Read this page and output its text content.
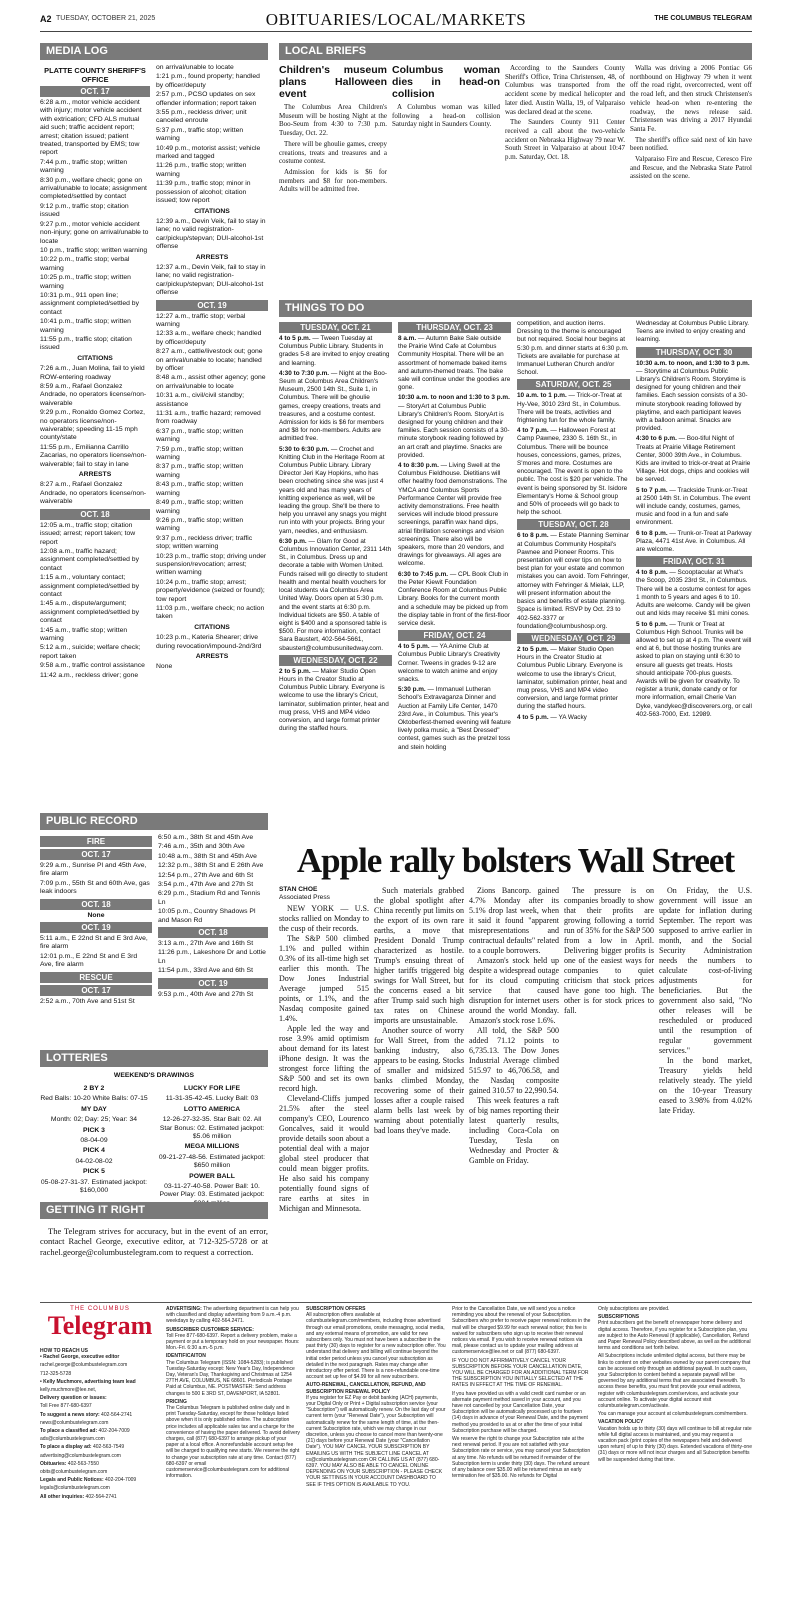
A2 TUESDAY, OCTOBER 21, 2025	OBITUARIES/LOCAL/MARKETS	THE COLUMBUS TELEGRAM
MEDIA LOG
PLATTE COUNTY SHERIFF'S OFFICE
OCT. 17

6:28 a.m., motor vehicle accident with injury; motor vehicle accident with extrication; CFD ALS mutual aid such; traffic accident report; arrest; citation issued; patient treated, transported by EMS; tow report

7:44 p.m., traffic stop; written warning

8:30 p.m., welfare check; gone on arrival/unable to locate; assignment completed/settled by contact

9:12 p.m., traffic stop; citation issued

9:27 p.m., motor vehicle accident non-injury; gone on arrival/unable to locate

10 p.m., traffic stop; written warning

10:22 p.m., traffic stop; verbal warning

10:25 p.m., traffic stop; written warning

10:31 p.m., 911 open line; assignment completed/settled by contact

10:41 p.m., traffic stop; written warning

11:55 p.m., traffic stop; citation issued

CITATIONS

7:26 a.m., Juan Molina, fail to yield ROW-entering roadway

8:59 a.m., Rafael Gonzalez Andrade, no operators license/non-waiverable

9:29 p.m., Ronaldo Gomez Cortez, no operators license/non-waiverable; speeding 11-15 mph county/state

11:55 p.m., Emilianna Carrillo Zacarias, no operators license/non-waiverable; fail to stay in lane

ARRESTS

8:27 a.m., Rafael Gonzalez Andrade, no operators license/non-waiverable

OCT. 18

12:05 a.m., traffic stop; citation issued; arrest; report taken; tow report

12:08 a.m., traffic hazard; assignment completed/settled by contact

1:15 a.m., voluntary contact; assignment completed/settled by contact

1:45 a.m., dispute/argument; assignment completed/settled by contact

1:45 a.m., traffic stop; written warning

5:12 a.m., suicide; welfare check; report taken

9:58 a.m., traffic control assistance

11:42 a.m., reckless driver; gone

on arrival/unable to locate

1:21 p.m., found property; handled by officer/deputy

2:57 p.m., PCSO updates on sex offender information; report taken

3:55 p.m., reckless driver; unit canceled enroute

5:37 p.m., traffic stop; written warning

10:49 p.m., motorist assist; vehicle marked and tagged

11:26 p.m., traffic stop; written warning

11:39 p.m., traffic stop; minor in possession of alcohol; citation issued; tow report

CITATIONS

12:39 a.m., Devin Veik, fail to stay in lane; no valid registration-car/pickup/stepvan; DUI-alcohol-1st offense

ARRESTS

12:37 a.m., Devin Veik, fail to stay in lane; no valid registration-car/pickup/stepvan; DUI-alcohol-1st offense

OCT. 19

12:27 a.m., traffic stop; verbal warning

12:33 a.m., welfare check; handled by officer/deputy

8:27 a.m., cattle/livestock out; gone on arrival/unable to locate; handled by officer

8:48 a.m., assist other agency; gone on arrival/unable to locate

10:31 a.m., civil/civil standby; assistance

11:31 a.m., traffic hazard; removed from roadway

6:37 p.m., traffic stop; written warning

7:59 p.m., traffic stop; written warning

8:37 p.m., traffic stop; written warning

8:43 p.m., traffic stop; written warning

8:49 p.m., traffic stop; written warning

9:26 p.m., traffic stop; written warning

9:37 p.m., reckless driver; traffic stop; written warning

10:23 p.m., traffic stop; driving under suspension/revocation; arrest; written warning

10:24 p.m., traffic stop; arrest; property/evidence (seized or found); tow report

11:03 p.m., welfare check; no action taken

CITATIONS

10:23 p.m., Kateria Shearer; drive during revocation/impound-2nd/3rd

ARRESTS

None

LOCAL BRIEFS
Children's museum plans Halloween event

The Columbus Area Children's Museum will be hosting Night at the Boo-Seum from 4:30 to 7:30 p.m. Tuesday, Oct. 22.

There will be ghoulie games, creepy creations, treats and treasures and a costume contest.

Admission for kids is $6 for members and $8 for non-members. Adults will be admitted free.

Columbus woman dies in head-on collision

A Columbus woman was killed following a head-on collision Saturday night in Saunders County.

According to the Saunders County Sheriff's Office, Trina Christensen, 48, of Columbus was transported from the accident scene by medical helicopter and later died. Austin Walla, 19, of Valparaiso was declared dead at the scene.

The Saunders County 911 Center received a call about the two-vehicle accident on Nebraska Highway 79 near W. South Street in Valparaiso at about 10:47 p.m. Saturday, Oct. 18.

Walla was driving a 2006 Pontiac G6 northbound on Highway 79 when it went off the road right, overcorrected, went off the road left, and then struck Christensen's vehicle head-on when re-entering the roadway, the news release said. Christensen was driving a 2017 Hyundai Santa Fe.

The sheriff's office said next of kin have been notified.

Valparaiso Fire and Rescue, Ceresco Fire and Rescue, and the Nebraska State Patrol assisted on the scene.

THINGS TO DO
TUESDAY, OCT. 21

4 to 5 p.m. — Tween Tuesday at Columbus Public Library. Students in grades 5-8 are invited to enjoy creating and learning.

4:30 to 7:30 p.m. — Night at the Boo-Seum at Columbus Area Children's Museum, 2500 14th St., Suite 1, in Columbus. There will be ghoulie games, creepy creations, treats and treasures, and a costume contest. Admission for kids is $6 for members and $8 for non-members. Adults are admitted free.

5:30 to 6:30 p.m. — Crochet and Knitting Club in the Heritage Room at Columbus Public Library. Library Director Jeri Kay Hopkins, who has been crocheting since she was just 4 years old and has many years of knitting experience as well, will be leading the group. She'll be there to help you unravel any snags you might run into with your projects. Bring your yarn, needles, and enthusiasm.

6:30 p.m. — Glam for Good at Columbus Innovation Center, 2311 14th St., in Columbus. Dress up and decorate a table with Women United. Funds raised will go directly to student health and mental health vouchers for local students via Columbus Area United Way. Doors open at 5:30 p.m. and the event starts at 6:30 p.m. Individual tickets are $50. A table of eight is $400 and a sponsored table is $500. For more information, contact Sara Baustert, 402-564-5661, sbaustert@columbusunitedway.com.

WEDNESDAY, OCT. 22

2 to 5 p.m. — Maker Studio Open Hours in the Creator Studio at Columbus Public Library. Everyone is welcome to use the library's Cricut, laminator, sublimation printer, heat and mug press, VHS and MP4 video conversion, and large format printer during the staffed hours.

THURSDAY, OCT. 23

8 a.m. — Autumn Bake Sale outside the Prairie Wind Cafe at Columbus Community Hospital. There will be an assortment of homemade baked items and autumn-themed treats. The bake sale will continue under the goodies are gone.

10:30 a.m. to noon and 1:30 to 3 p.m. — StoryArt at Columbus Public Library's Children's Room. StoryArt is designed for young children and their families. Each session consists of a 30-minute storybook reading followed by an art craft and playtime. Snacks are provided.

4 to 8:30 p.m. — Living Swell at the Columbus Fieldhouse. Dietitians will offer healthy food demonstrations. The YMCA and Columbus Sports Performance Center will provide free activity demonstrations. Free health services will include blood pressure screenings, paraffin wax hand dips, atrial fibrillation screenings and vision screenings. There also will be speakers, more than 20 vendors, and drawings for giveaways. All ages are welcome.

6:30 to 7:45 p.m. — CPL Book Club in the Peter Kiewit Foundation Conference Room at Columbus Public Library. Books for the current month and a schedule may be picked up from the display table in front of the first-floor service desk.

FRIDAY, OCT. 24

4 to 5 p.m. — YA Anime Club at Columbus Public Library's Creativity Corner. Tweens in grades 9-12 are welcome to watch anime and enjoy snacks.

5:30 p.m. — Immanuel Lutheran School's Extravaganza Dinner and Auction at Family Life Center, 1470 23rd Ave., in Columbus. This year's Oktoberfest-themed evening will feature lively polka music, a "Best Dressed" contest, games such as the pretzel toss and stein holding

competition, and auction items. Dressing to the theme is encouraged but not required. Social hour begins at 5:30 p.m. and dinner starts at 6:30 p.m. Tickets are available for purchase at Immanuel Lutheran Church and/or School.

SATURDAY, OCT. 25

10 a.m. to 1 p.m. — Trick-or-Treat at Hy-Vee, 3010 23rd St., in Columbus. There will be treats, activities and frightening fun for the whole family.

4 to 7 p.m. — Halloween Forest at Camp Pawnee, 2330 S. 16th St., in Columbus. There will be bounce houses, concessions, games, prizes, S'mores and more. Costumes are encouraged. The event is open to the public. The cost is $20 per vehicle. The event is being sponsored by St. Isidore Elementary's Home & School group and 50% of proceeds will go back to help the school.

TUESDAY, OCT. 28

6 to 8 p.m. — Estate Planning Seminar at Columbus Community Hospital's Pawnee and Pioneer Rooms. This presentation will cover tips on how to best plan for your estate and common mistakes you can avoid. Tom Fehringer, attorney with Fehringer & Mielak, LLP, will present information about the basics and benefits of estate planning. Space is limited. RSVP by Oct. 23 to 402-562-3377 or foundation@columbushosp.org.

WEDNESDAY, OCT. 29

2 to 5 p.m. — Maker Studio Open Hours in the Creator Studio at Columbus Public Library. Everyone is welcome to use the library's Cricut, laminator, sublimation printer, heat and mug press, VHS and MP4 video conversion, and large format printer during the staffed hours.

4 to 5 p.m. — YA Wacky

Wednesday at Columbus Public Library. Teens are invited to enjoy creating and learning.

THURSDAY, OCT. 30

10:30 a.m. to noon, and 1:30 to 3 p.m. — Storytime at Columbus Public Library's Children's Room. Storytime is designed for young children and their families. Each session consists of a 30-minute storybook reading followed by playtime, and each participant leaves with a balloon animal. Snacks are provided.

4:30 to 6 p.m. — Boo-tiful Night of Treats at Prairie Village Retirement Center, 3000 39th Ave., in Columbus. Kids are invited to trick-or-treat at Prairie Village. Hot dogs, chips and cookies will be served.

5 to 7 p.m. — Trackside Trunk-or-Treat at 2500 14th St. in Columbus. The event will include candy, costumes, games, music and food in a fun and safe environment.

6 to 8 p.m. — Trunk-or-Treat at Parkway Plaza, 4471 41st Ave. in Columbus. All are welcome.

FRIDAY, OCT. 31

4 to 8 p.m. — Scooptacular at What's the Scoop, 2035 23rd St., in Columbus. There will be a costume contest for ages 1 month to 5 years and ages 6 to 10. Adults are welcome. Candy will be given out and kids may receive $1 mini cones.

5 to 6 p.m. — Trunk or Treat at Columbus High School. Trunks will be allowed to set up at 4 p.m. The event will end at 6, but those hosting trunks are asked to plan on staying until 6:30 to ensure all guests get treats. Hosts should anticipate 700-plus guests. Awards will be given for creativity. To register a trunk, donate candy or for more information, email Cherie Van Dyke, vandykec@discoverers.org, or call 402-563-7000, Ext. 12989.

PUBLIC RECORD
FIRE
OCT. 17

9:29 a.m., Sunrise Pl and 45th Ave, fire alarm

7:09 p.m., 55th St and 60th Ave, gas leak indoors

OCT. 18
None
OCT. 19

5:11 a.m., E 22nd St and E 3rd Ave, fire alarm

12:01 p.m., E 22nd St and E 3rd Ave, fire alarm

RESCUE
OCT. 17

2:52 a.m., 70th Ave and 51st St

6:50 a.m., 38th St and 45th Ave

7:46 a.m., 35th and 30th Ave

10:48 a.m., 38th St and 45th Ave

12:32 p.m., 38th St and E 26th Ave

12:54 p.m., 27th Ave and 6th St

3:54 p.m., 47th Ave and 27th St

6:29 p.m., Stadium Rd and Tennis Ln

10:05 p.m., Country Shadows Pl and Mason Rd

OCT. 18

3:13 a.m., 27th Ave and 16th St

11:26 p.m., Lakeshore Dr and Lottie Ln

11:54 p.m., 33rd Ave and 6th St

OCT. 19

9:53 p.m., 40th Ave and 27th St

LOTTERIES
WEEKEND'S DRAWINGS
2 BY 2
Red Balls: 10-20 White Balls: 07-15
MY DAY
Month: 02; Day: 25; Year: 34
PICK 3
08-04-09
PICK 4
04-02-08-02
PICK 5
05-08-27-31-37. Estimated jackpot: $160,000
LUCKY FOR LIFE
11-31-35-42-45. Lucky Ball: 03
LOTTO AMERICA
12-26-27-32-35. Star Ball: 02. All Star Bonus: 02. Estimated jackpot: $5.06 million
MEGA MILLIONS
09-21-27-48-56. Estimated jackpot: $650 million
POWER BALL
03-11-27-40-58. Power Ball: 10. Power Play: 03. Estimated jackpot:
GETTING IT RIGHT
The Telegram strives for accuracy, but in the event of an error, contact Rachel George, executive editor, at 712-325-5728 or at rachel.george@columbustelegram.com to request a correction.
Apple rally bolsters Wall Street
STAN CHOE
Associated Press

NEW YORK — U.S. stocks rallied on Monday to the cusp of their records.

The S&P 500 climbed 1.1% and pulled within 0.3% of its all-time high set earlier this month. The Dow Jones Industrial Average jumped 515 points, or 1.1%, and the Nasdaq composite gained 1.4%.

Apple led the way and rose 3.9% amid optimism about demand for its latest iPhone design. It was the strongest force lifting the S&P 500 and set its own record high.

Cleveland-Cliffs jumped 21.5% after the steel company's CEO, Lourenco Goncalves, said it would provide details soon about a potential deal with a major global steel producer that could mean bigger profits. He also said his company potentially found signs of rare earths at sites in Michigan and Minnesota.

Such materials grabbed the global spotlight after China recently put limits on the export of its own rare earths, a move that President Donald Trump characterized as hostile. Trump's ensuing threat of higher tariffs triggered big swings for Wall Street, but the concerns eased a bit after Trump said such high tax rates on Chinese imports are unsustainable.

Another source of worry for Wall Street, from the banking industry, also appears to be easing. Stocks of smaller and midsized banks climbed Monday, recovering some of their losses after a couple raised alarm bells last week by warning about potentially bad loans they've made.

Zions Bancorp. gained 4.7% Monday after its 5.1% drop last week, when it said it found "apparent misrepresentations and contractual defaults" related to a couple borrowers.

Amazon's stock held up despite a widespread outage for its cloud computing service that caused disruption for internet users around the world Monday. Amazon's stock rose 1.6%.

All told, the S&P 500 added 71.12 points to 6,735.13. The Dow Jones Industrial Average climbed 515.97 to 46,706.58, and the Nasdaq composite gained 310.57 to 22,990.54.

This week features a raft of big names reporting their latest quarterly results, including Coca-Cola on Tuesday, Tesla on Wednesday and Procter & Gamble on Friday.

The pressure is on companies broadly to show that their profits are growing following a torrid run of 35% for the S&P 500 from a low in April. Delivering bigger profits is one of the easiest ways for companies to quiet criticism that stock prices have gone too high. The other is for stock prices to fall.

On Friday, the U.S. government will issue an update for inflation during September. The report was supposed to arrive earlier in month, and the Social Security Administration needs the numbers to calculate cost-of-living adjustments for beneficiaries. But the government also said, "No other releases will be rescheduled or produced until the resumption of regular government services."

In the bond market, Treasury yields held relatively steady. The yield on the 10-year Treasury eased to 3.98% from 4.02% late Friday.

THE COLUMBUS
Telegram
HOW TO REACH US

• Rachel George, executive editor

rachel.george@columbustelegram.com

712-325-5728

• Kelly Muchmore, advertising team lead

kelly.muchmore@lee.net,

Delivery question or issues:

Toll Free 877-680-6397

To suggest a news story: 402-564-2741

news@columbustelegram.com

To place a classified ad: 402-204-7009

ads@columbustelegram.com

To place a display ad: 402-563-7549

advertising@columbustelegram.com

Obituaries: 402-563-7550

obits@columbustelegram.com

Legals and Public Notices: 402-204-7009

legals@columbustelegram.com

All other inquiries: 402-564-2741

ADVERTISING: The advertising department is can help you with classified and display advertising from 9 a.m.-4 p.m. weekdays by calling 402-564.2471.

SUBSCRIBER CUSTOMER SERVICE:

Toll Free 877-680-6397. Report a delivery problem, make a payment or put a temporary hold on your newspaper. Hours: Mon.-Fri. 6:30 a.m.-5 p.m.

IDENTIFICAITON

The Columbus Telegram (ISSN: 1084-5283); is published Tuesday-Saturday except: New Year's Day, Independence Day, Veteran's Day, Thanksgiving and Christmas at 1254 27TH AVE, COLUMBUS, NE 68601. Periodicals Postage Paid at Columbus, NE. POSTMASTER: Send address changes to 500 E 3RD ST, DAVENPORT, IA 52801.

PRICING

The Columbus Telegram is published online daily and in print Tuesday-Saturday, except for those holidays listed above when it is only published online. The subscription price includes all applicable sales tax and a charge for the convenience of having the paper delivered. To avoid delivery charges, call (877) 680-6397 to arrange pickup of your paper at a local office. A nonrefundable account setup fee will be charged to qualifying new starts. We reserve the right to change your subscription rate at any time. Contact (877) 680-6397 or email customerservice@columbustelegram.com for additional information.

SUBSCRIPTION OFFERS

All subscription offers available at columbustelegram.com/members, including those advertised through our email promotions, onsite messaging, social media, and any external means of promotion, are valid for new subscribers only. You must not have been a subscriber in the past thirty (30) days to register for a new subscription offer. You understand that delivery and billing will continue beyond the initial order period unless you cancel your subscription as detailed in the next paragraph. Rates may change after introductory offer period. There is a non-refundable one-time account set up fee of $4.99 for all new subscribers.

AUTO-RENEWAL, CANCELLATION, REFUND, AND SUBSCRIPTION RENEWAL POLICY

If you register for EZ Pay or debit banking (ACH) payments, your Digital Only or Print + Digital subscription service (your "Subscription") will automatically renew. On the last day of your current term (your "Renewal Date"), your Subscription will automatically renew for the same length of time, at the then-current Subscription rate, which we may change in our discretion, unless you choose to cancel more than twenty-one (21) days before your Renewal Date (your "Cancellation Date"). YOU MAY CANCEL YOUR SUBSCRIPTION BY EMAILING US WITH THE SUBJECT LINE CANCEL AT cs@columbustelegram.com OR CALLING US AT (877) 680-6397. YOU MAY ALSO BE ABLE TO CANCEL ONLINE DEPENDING ON YOUR SUBSCRIPTION - PLEASE CHECK YOUR SETTINGS IN YOUR ACCOUNT DASHBOARD TO SEE IF THIS OPTION IS AVAILABLE TO YOU.

Prior to the Cancellation Date, we will send you a notice reminding you about the renewal of your Subscription. Subscribers who prefer to receive paper renewal notices in the mail will be charged $9.99 for each renewal notice; this fee is waived for subscribers who sign up to receive their renewal notices via email. If you wish to receive renewal notices via mail, please contact us to update your mailing address at customerservice@lee.net or call (877) 680-6397.

IF YOU DO NOT AFFIRMATIVELY CANCEL YOUR SUBSCRIPTION BEFORE YOUR CANCELLATION DATE, YOU WILL BE CHARGED FOR AN ADDITIONAL TERM FOR THE SUBSCRIPTION YOU INITIALLY SELECTED AT THE RATES IN EFFECT AT THE TIME OF RENEWAL.

If you have provided us with a valid credit card number or an alternate payment method saved in your account, and you have not cancelled by your Cancellation Date, your Subscription will be automatically processed up to fourteen (14) days in advance of your Renewal Date, and the payment method you provided to us at or after the time of your initial Subscription purchase will be charged.

We reserve the right to change your Subscription rate at the next renewal period. If you are not satisfied with your Subscription rate or service, you may cancel your Subscription at any time. No refunds will be returned if remainder of the Subscription term is under thirty (30) days. The refund amount of any balance over $35.00 will be returned minus an early termination fee of $35.00. No refunds for Digital

Only subscriptions are provided.

SUBSCRIPTIONS

Print subscribers get the benefit of newspaper home delivery and digital access. Therefore, if you register for a Subscription plan, you are subject to the Auto Renewal (if applicable), Cancellation, Refund and Paper Renewal Policy described above, as well as the additional terms and conditions set forth below.

All Subscriptions include unlimited digital access, but there may be links to content on other websites owned by our parent company that can be accessed only through an additional paywall. In such cases, your Subscription to content behind a separate paywall will be governed by any additional terms that are associated therewith. To access these benefits, you must first provide your email address, register with columbustelegram.com/services, and activate your account online. To activate your digital account visit columbustelegram.com/activate.

You can manage your account at columbustelegram.com/members.

VACATION POLICY

Vacation holds up to thirty (30) days will continue to bill at regular rate while full digital access is maintained, and you may request a vacation pack (print copies of the newspapers held and delivered upon return) of up to thirty (30) days. Extended vacations of thirty-one (31) days or more will not incur charges and all Subscription benefits will be suspended during that time.
